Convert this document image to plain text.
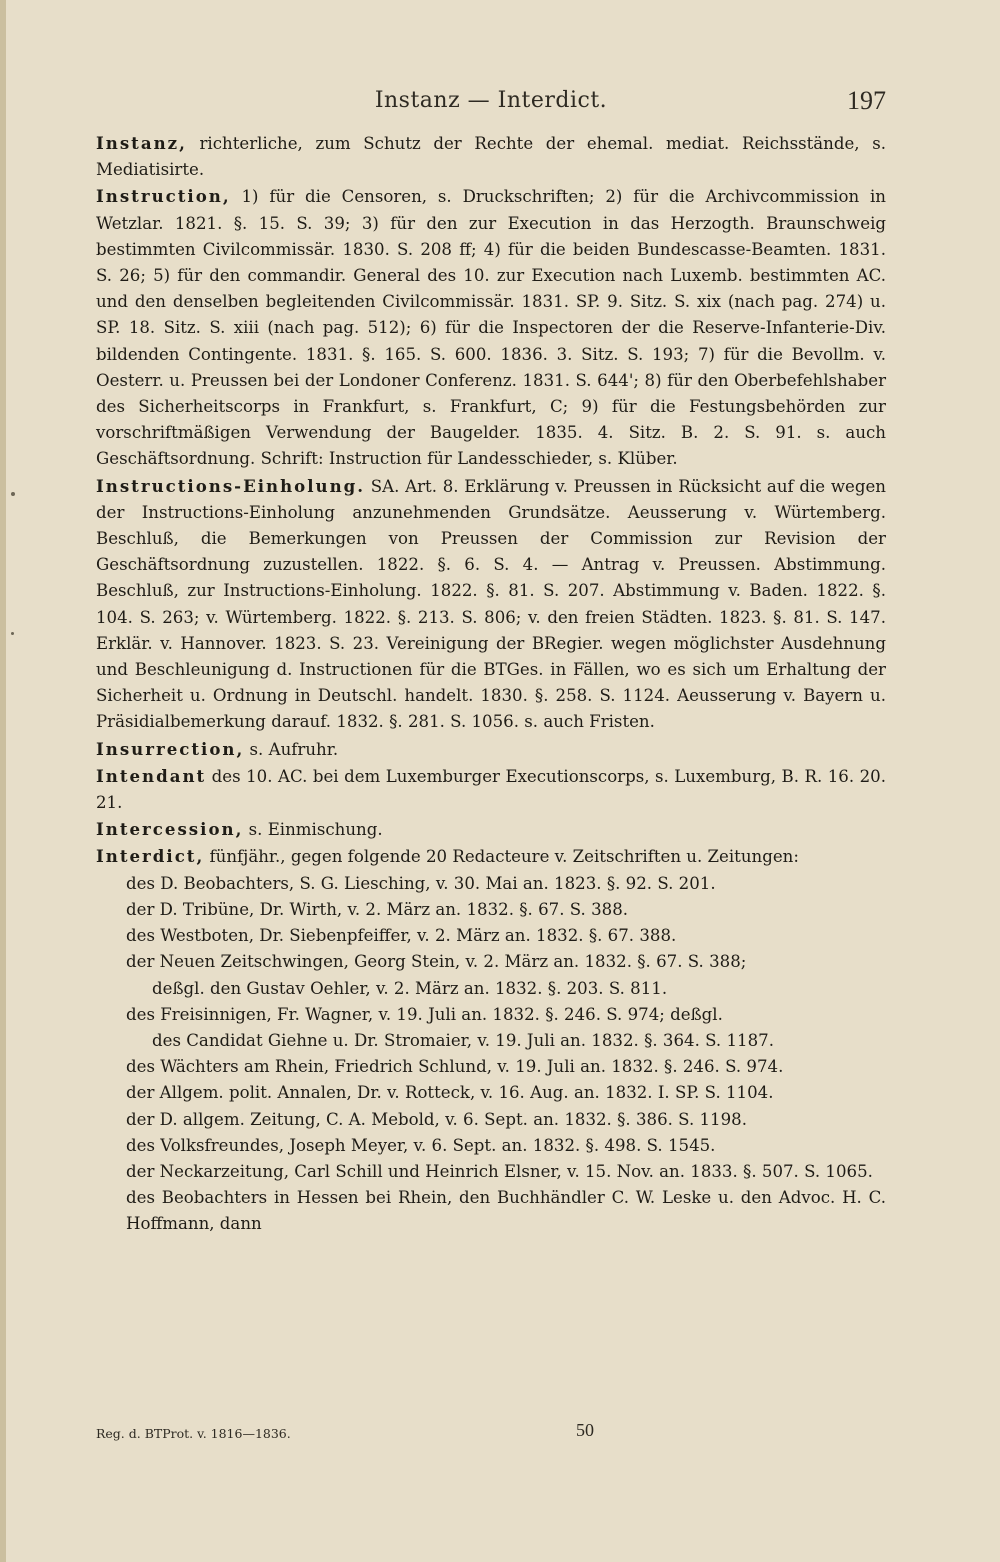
Instanz — Interdict.	197

Instanz, richterliche, zum Schutz der Rechte der ehemal. mediat. Reichsstände, s. Mediatisirte.

Instruction, 1) für die Censoren, s. Druckschriften; 2) für die Archivcommission in Wetzlar. 1821. §. 15. S. 39; 3) für den zur Execution in das Herzogth. Braunschweig bestimmten Civilcommissär. 1830. S. 208 ff; 4) für die beiden Bundescasse-Beamten. 1831. S. 26; 5) für den commandir. General des 10. zur Execution nach Luxemb. bestimmten AC. und den denselben begleitenden Civilcommissär. 1831. SP. 9. Sitz. S. xix (nach pag. 274) u. SP. 18. Sitz. S. xiii (nach pag. 512); 6) für die Inspectoren der die Reserve-Infanterie-Div. bildenden Contingente. 1831. §. 165. S. 600. 1836. 3. Sitz. S. 193; 7) für die Bevollm. v. Oesterr. u. Preussen bei der Londoner Conferenz. 1831. S. 644'; 8) für den Oberbefehlshaber des Sicherheitscorps in Frankfurt, s. Frankfurt, C; 9) für die Festungsbehörden zur vorschriftmäßigen Verwendung der Baugelder. 1835. 4. Sitz. B. 2. S. 91. s. auch Geschäftsordnung. Schrift: Instruction für Landesschieder, s. Klüber.

Instructions-Einholung. SA. Art. 8. Erklärung v. Preussen in Rücksicht auf die wegen der Instructions-Einholung anzunehmenden Grundsätze. Aeusserung v. Würtemberg. Beschluß, die Bemerkungen von Preussen der Commission zur Revision der Geschäftsordnung zuzustellen. 1822. §. 6. S. 4. — Antrag v. Preussen. Abstimmung. Beschluß, zur Instructions-Einholung. 1822. §. 81. S. 207. Abstimmung v. Baden. 1822. §. 104. S. 263; v. Würtemberg. 1822. §. 213. S. 806; v. den freien Städten. 1823. §. 81. S. 147. Erklär. v. Hannover. 1823. S. 23. Vereinigung der BRegier. wegen möglichster Ausdehnung und Beschleunigung d. Instructionen für die BTGes. in Fällen, wo es sich um Erhaltung der Sicherheit u. Ordnung in Deutschl. handelt. 1830. §. 258. S. 1124. Aeusserung v. Bayern u. Präsidialbemerkung darauf. 1832. §. 281. S. 1056. s. auch Fristen.

Insurrection, s. Aufruhr.

Intendant des 10. AC. bei dem Luxemburger Executionscorps, s. Luxemburg, B. R. 16. 20. 21.

Intercession, s. Einmischung.

Interdict, fünfjähr., gegen folgende 20 Redacteure v. Zeitschriften u. Zeitungen:

des D. Beobachters, S. G. Liesching, v. 30. Mai an. 1823. §. 92. S. 201.

der D. Tribüne, Dr. Wirth, v. 2. März an. 1832. §. 67. S. 388.

des Westboten, Dr. Siebenpfeiffer, v. 2. März an. 1832. §. 67. 388.

der Neuen Zeitschwingen, Georg Stein, v. 2. März an. 1832. §. 67. S. 388;

deßgl. den Gustav Oehler, v. 2. März an. 1832. §. 203. S. 811.

des Freisinnigen, Fr. Wagner, v. 19. Juli an. 1832. §. 246. S. 974; deßgl.

des Candidat Giehne u. Dr. Stromaier, v. 19. Juli an. 1832. §. 364. S. 1187.

des Wächters am Rhein, Friedrich Schlund, v. 19. Juli an. 1832. §. 246. S. 974.

der Allgem. polit. Annalen, Dr. v. Rotteck, v. 16. Aug. an. 1832. I. SP. S. 1104.

der D. allgem. Zeitung, C. A. Mebold, v. 6. Sept. an. 1832. §. 386. S. 1198.

des Volksfreundes, Joseph Meyer, v. 6. Sept. an. 1832. §. 498. S. 1545.

der Neckarzeitung, Carl Schill und Heinrich Elsner, v. 15. Nov. an. 1833. §. 507. S. 1065.

des Beobachters in Hessen bei Rhein, den Buchhändler C. W. Leske u. den Advoc. H. C. Hoffmann, dann

Reg. d. BTProt. v. 1816—1836.	50
